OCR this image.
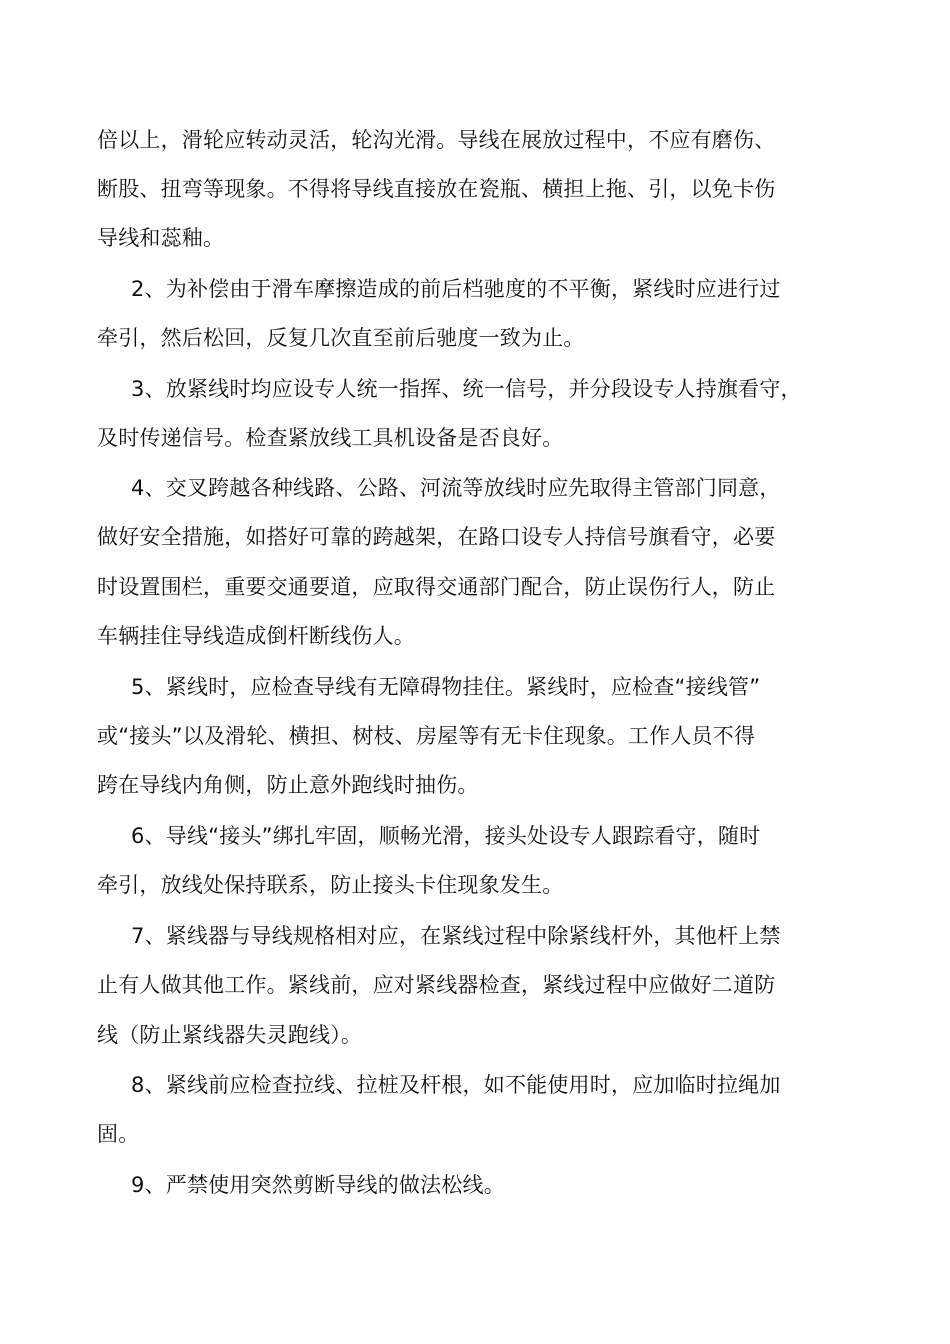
倍以上，滑轮应转动灵活，轮沟光滑。导线在展放过程中，不应有磨伤、
断股、扭弯等现象。不得将导线直接放在瓷瓶、横担上拖、引，以免卡伤
导线和蕊釉。
2、为补偿由于滑车摩擦造成的前后档驰度的不平衡，紧线时应进行过
牵引，然后松回，反复几次直至前后驰度一致为止。
3、放紧线时均应设专人统一指挥、统一信号，并分段设专人持旗看守，
及时传递信号。检查紧放线工具机设备是否良好。
4、交叉跨越各种线路、公路、河流等放线时应先取得主管部门同意，
做好安全措施，如搭好可靠的跨越架，在路口设专人持信号旗看守，必要
时设置围栏，重要交通要道，应取得交通部门配合，防止误伤行人，防止
车辆挂住导线造成倒杆断线伤人。
5、紧线时，应检查导线有无障碍物挂住。紧线时，应检查“接线管”
或“接头”以及滑轮、横担、树枝、房屋等有无卡住现象。工作人员不得
跨在导线内角侧，防止意外跑线时抽伤。
6、导线“接头”绑扎牢固，顺畅光滑，接头处设专人跟踪看守，随时
牵引，放线处保持联系，防止接头卡住现象发生。
7、紧线器与导线规格相对应，在紧线过程中除紧线杆外，其他杆上禁
止有人做其他工作。紧线前，应对紧线器检查，紧线过程中应做好二道防
线（防止紧线器失灵跑线）。
8、紧线前应检查拉线、拉桩及杆根，如不能使用时，应加临时拉绳加
固。
9、严禁使用突然剪断导线的做法松线。
